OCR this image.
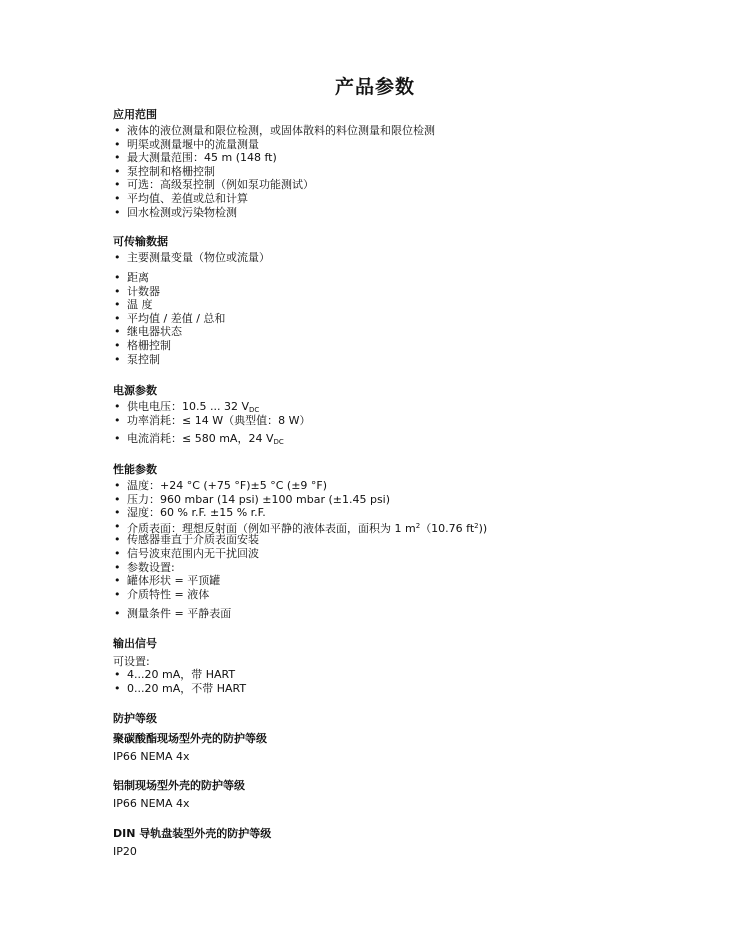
产品参数
应用范围
• 液体的液位测量和限位检测，或固体散料的料位测量和限位检测
• 明渠或测量堰中的流量测量
• 最大测量范围：45 m (148 ft)
• 泵控制和格栅控制
• 可选：高级泵控制（例如泵功能测试）
• 平均值、差值或总和计算
• 回水检测或污染物检测
可传输数据
• 主要测量变量（物位或流量）
• 距离
• 计数器
• 温 度
• 平均值 / 差值 / 总和
• 继电器状态
• 格栅控制
• 泵控制
电源参数
• 供电电压：10.5 ... 32 $V_{DC}$
• 功率消耗：≤ 14 W（典型值：8 W）
• 电流消耗：≤ 580 mA，24 $V_{DC}$
性能参数
• 温度：+24 °C (+75 °F)±5 °C (±9 °F)
• 压力：960 mbar (14 psi) ±100 mbar (±1.45 psi)
• 湿度：60 % r.F. ±15 % r.F.
• 介质表面：理想反射面（例如平静的液体表面，面积为 1 $m^2(10.76$ $ft^2$))
• 传感器垂直于介质表面安装
• 信号波束范围内无干扰回波
• 参数设置:
• 罐体形状 = 平顶罐
• 介质特性 = 液体
• 测量条件 = 平静表面
输出信号
可设置:
• 4...20 mA，带 HART
• 0...20 mA，不带 HART
防护等级
聚碳酸酯现场型外壳的防护等级
IP66 NEMA 4x
铝制现场型外壳的防护等级
IP66 NEMA 4x
DIN 导轨盘装型外壳的防护等级
IP20
